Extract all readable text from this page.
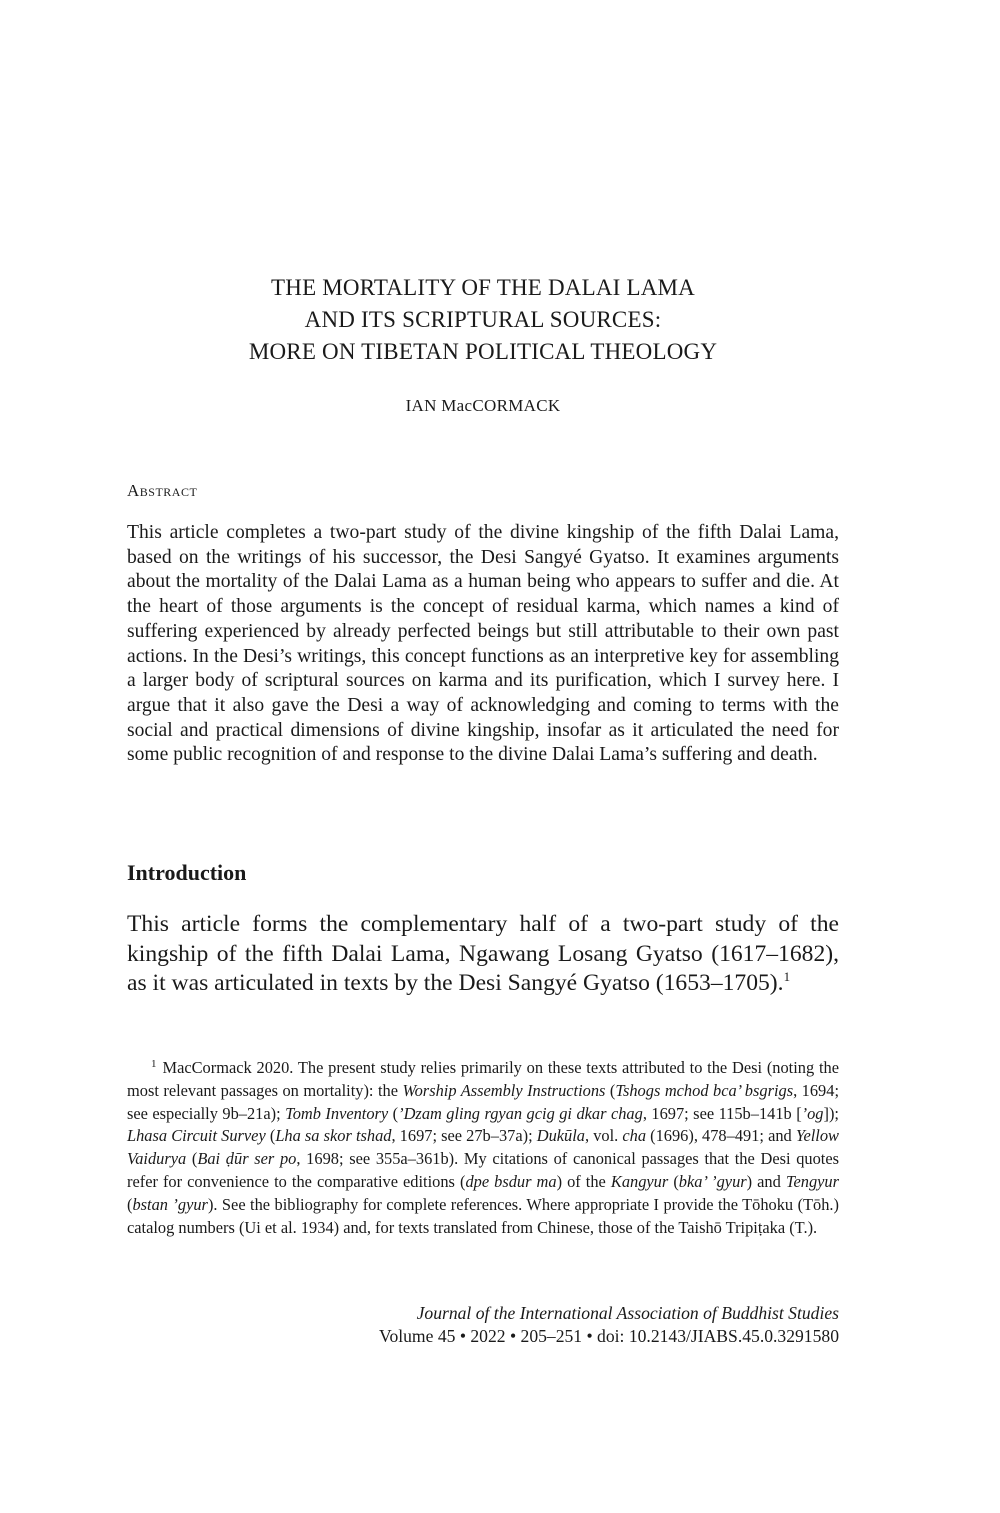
THE MORTALITY OF THE DALAI LAMA
AND ITS SCRIPTURAL SOURCES:
MORE ON TIBETAN POLITICAL THEOLOGY
IAN MacCORMACK
Abstract
This article completes a two-part study of the divine kingship of the fifth Dalai Lama, based on the writings of his successor, the Desi Sangyé Gyatso. It examines arguments about the mortality of the Dalai Lama as a human being who appears to suffer and die. At the heart of those arguments is the concept of residual karma, which names a kind of suffering experienced by already perfected beings but still attributable to their own past actions. In the Desi’s writings, this concept functions as an interpretive key for assembling a larger body of scriptural sources on karma and its purification, which I survey here. I argue that it also gave the Desi a way of acknowledging and coming to terms with the social and practical dimensions of divine kingship, insofar as it articulated the need for some public recognition of and response to the divine Dalai Lama’s suffering and death.
Introduction
This article forms the complementary half of a two-part study of the kingship of the fifth Dalai Lama, Ngawang Losang Gyatso (1617–1682), as it was articulated in texts by the Desi Sangyé Gyatso (1653–1705).$^1$
$^1$ MacCormack 2020. The present study relies primarily on these texts attributed to the Desi (noting the most relevant passages on mortality): the Worship Assembly Instructions (Tshogs mchod bca’ bsgrigs, 1694; see especially 9b–21a); Tomb Inventory (’Dzam gling rgyan gcig gi dkar chag, 1697; see 115b–141b [’og]); Lhasa Circuit Survey (Lha sa skor tshad, 1697; see 27b–37a); Dukūla, vol. cha (1696), 478–491; and Yellow Vaidurya (Bai ḍūr ser po, 1698; see 355a–361b). My citations of canonical passages that the Desi quotes refer for convenience to the comparative editions (dpe bsdur ma) of the Kangyur (bka’ ’gyur) and Tengyur (bstan ’gyur). See the bibliography for complete references. Where appropriate I provide the Tōhoku (Tōh.) catalog numbers (Ui et al. 1934) and, for texts translated from Chinese, those of the Taishō Tripiṭaka (T.).
Journal of the International Association of Buddhist Studies
Volume 45 • 2022 • 205–251 • doi: 10.2143/JIABS.45.0.3291580
